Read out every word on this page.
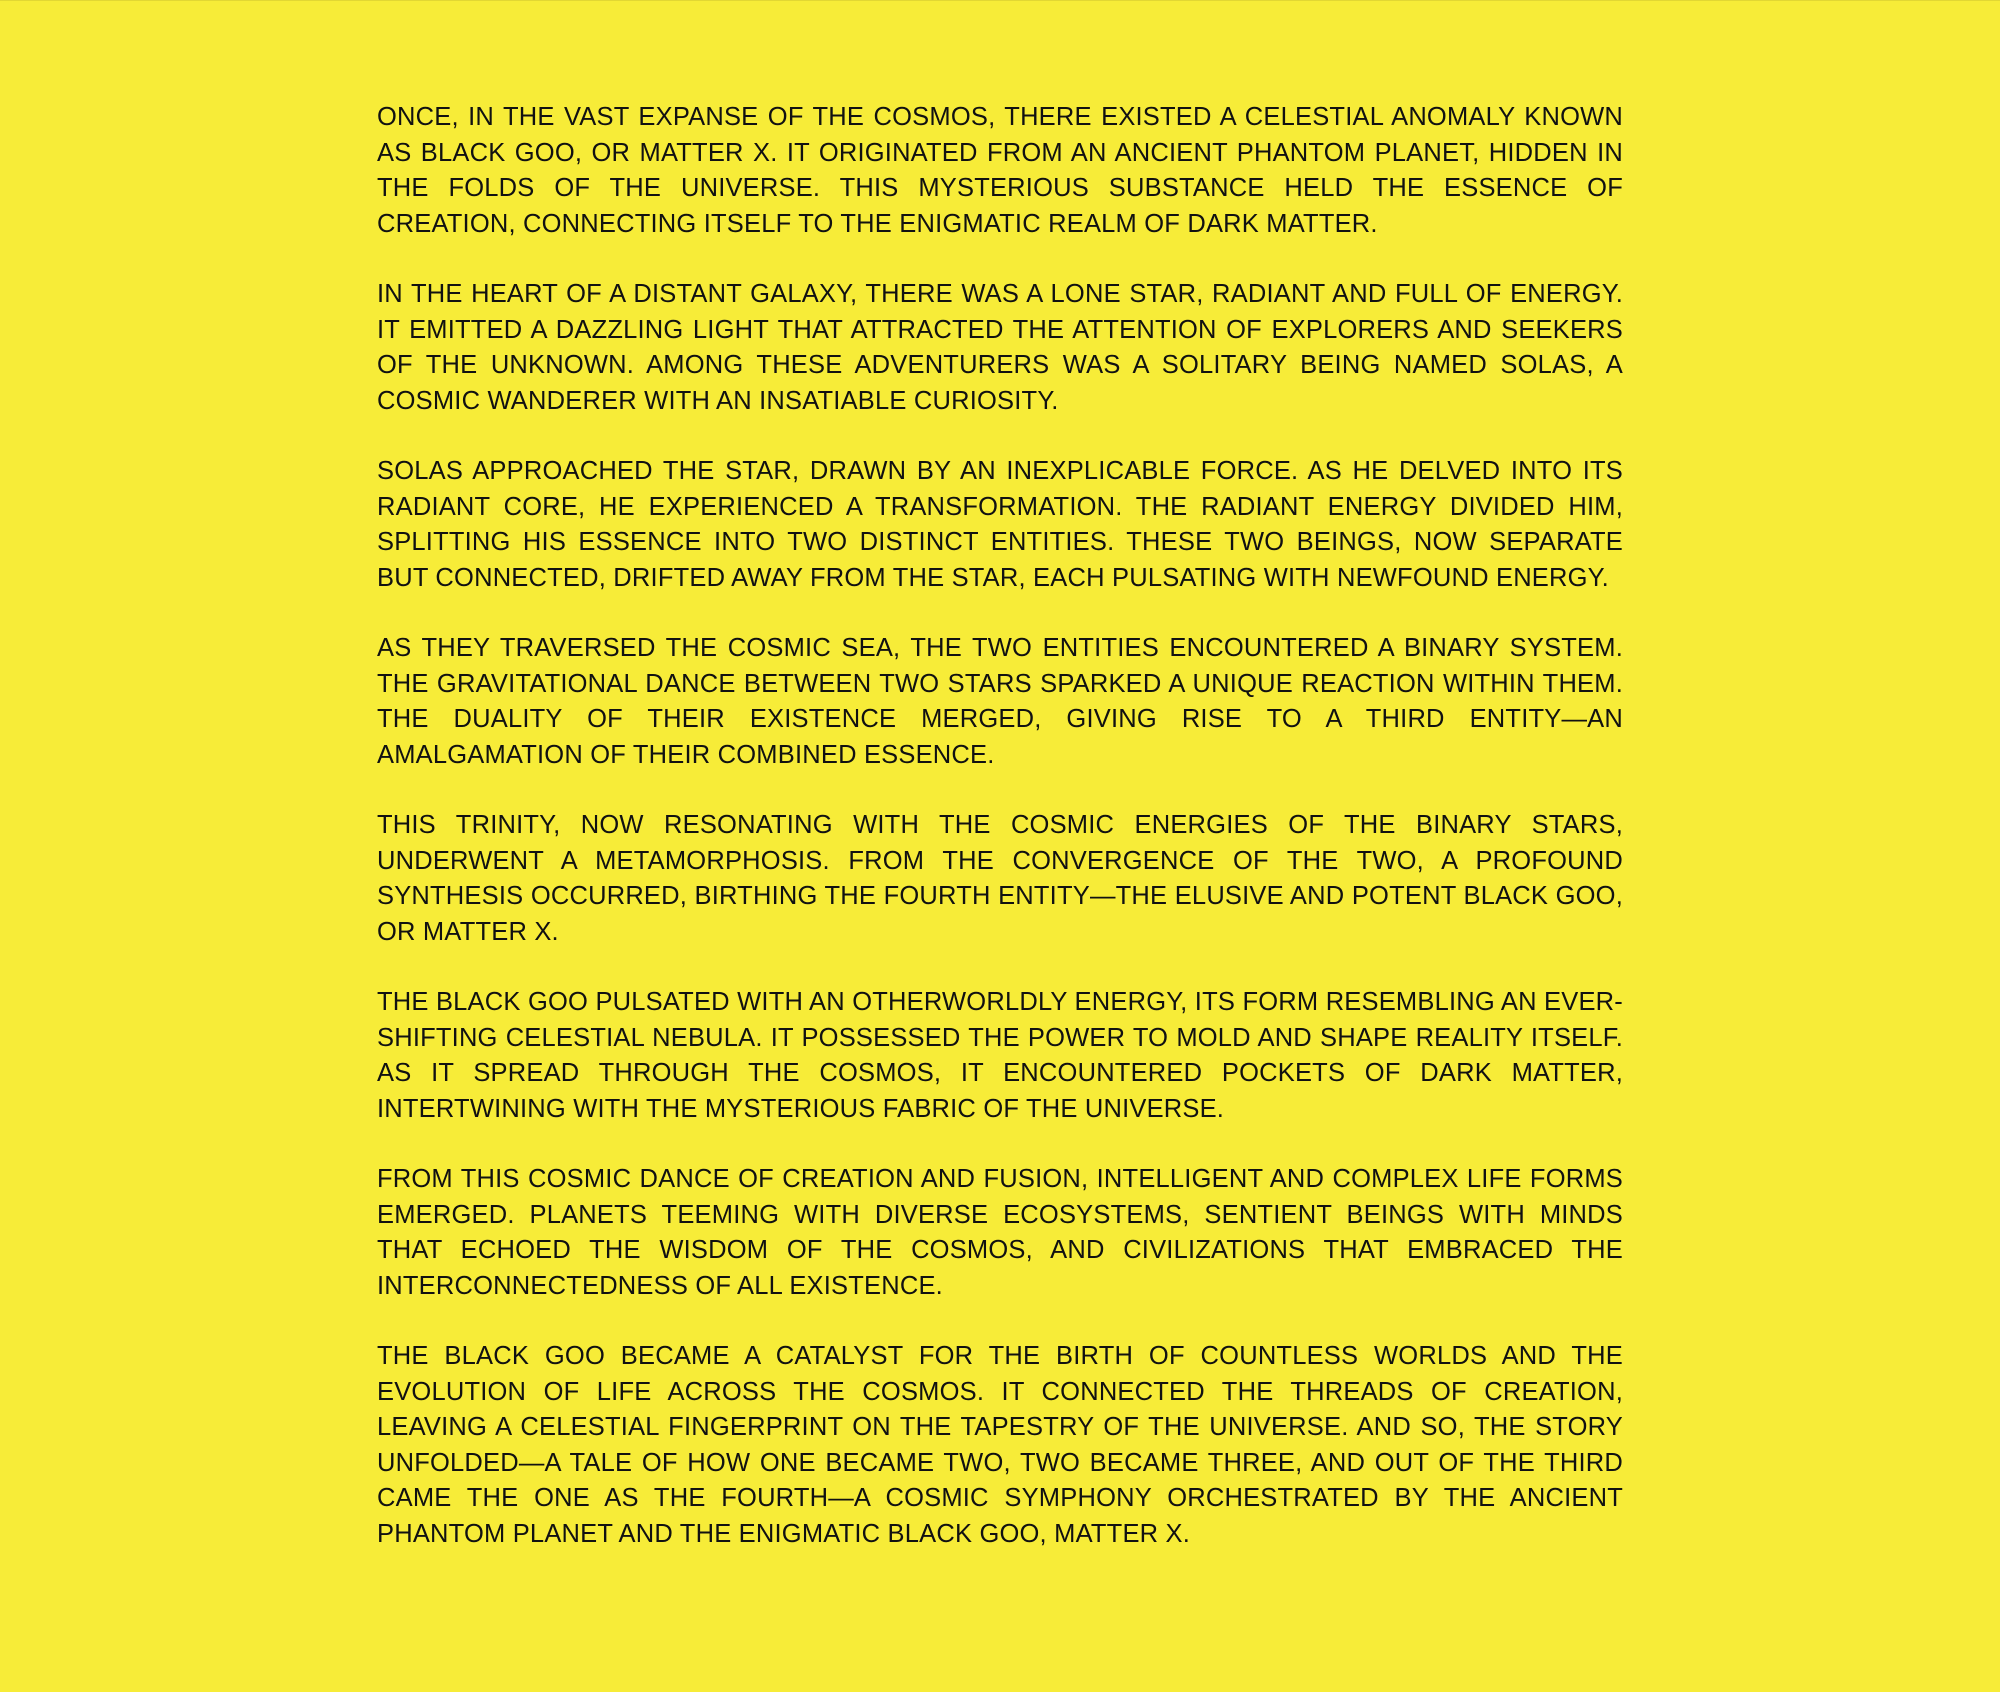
ONCE, IN THE VAST EXPANSE OF THE COSMOS, THERE EXISTED A CELESTIAL ANOMALY KNOWN AS BLACK GOO, OR MATTER X. IT ORIGINATED FROM AN ANCIENT PHANTOM PLANET, HIDDEN IN THE FOLDS OF THE UNIVERSE. THIS MYSTERIOUS SUBSTANCE HELD THE ESSENCE OF CREATION, CONNECTING ITSELF TO THE ENIGMATIC REALM OF DARK MATTER.

IN THE HEART OF A DISTANT GALAXY, THERE WAS A LONE STAR, RADIANT AND FULL OF ENERGY. IT EMITTED A DAZZLING LIGHT THAT ATTRACTED THE ATTENTION OF EXPLORERS AND SEEKERS OF THE UNKNOWN. AMONG THESE ADVENTURERS WAS A SOLITARY BEING NAMED SOLAS, A COSMIC WANDERER WITH AN INSATIABLE CURIOSITY.

SOLAS APPROACHED THE STAR, DRAWN BY AN INEXPLICABLE FORCE. AS HE DELVED INTO ITS RADIANT CORE, HE EXPERIENCED A TRANSFORMATION. THE RADIANT ENERGY DIVIDED HIM, SPLITTING HIS ESSENCE INTO TWO DISTINCT ENTITIES. THESE TWO BEINGS, NOW SEPARATE BUT CONNECTED, DRIFTED AWAY FROM THE STAR, EACH PULSATING WITH NEWFOUND ENERGY.

AS THEY TRAVERSED THE COSMIC SEA, THE TWO ENTITIES ENCOUNTERED A BINARY SYSTEM. THE GRAVITATIONAL DANCE BETWEEN TWO STARS SPARKED A UNIQUE REACTION WITHIN THEM. THE DUALITY OF THEIR EXISTENCE MERGED, GIVING RISE TO A THIRD ENTITY—AN AMALGAMATION OF THEIR COMBINED ESSENCE.

THIS TRINITY, NOW RESONATING WITH THE COSMIC ENERGIES OF THE BINARY STARS, UNDERWENT A METAMORPHOSIS. FROM THE CONVERGENCE OF THE TWO, A PROFOUND SYNTHESIS OCCURRED, BIRTHING THE FOURTH ENTITY—THE ELUSIVE AND POTENT BLACK GOO, OR MATTER X.

THE BLACK GOO PULSATED WITH AN OTHERWORLDLY ENERGY, ITS FORM RESEMBLING AN EVER-SHIFTING CELESTIAL NEBULA. IT POSSESSED THE POWER TO MOLD AND SHAPE REALITY ITSELF. AS IT SPREAD THROUGH THE COSMOS, IT ENCOUNTERED POCKETS OF DARK MATTER, INTERTWINING WITH THE MYSTERIOUS FABRIC OF THE UNIVERSE.

FROM THIS COSMIC DANCE OF CREATION AND FUSION, INTELLIGENT AND COMPLEX LIFE FORMS EMERGED. PLANETS TEEMING WITH DIVERSE ECOSYSTEMS, SENTIENT BEINGS WITH MINDS THAT ECHOED THE WISDOM OF THE COSMOS, AND CIVILIZATIONS THAT EMBRACED THE INTERCONNECTEDNESS OF ALL EXISTENCE.

THE BLACK GOO BECAME A CATALYST FOR THE BIRTH OF COUNTLESS WORLDS AND THE EVOLUTION OF LIFE ACROSS THE COSMOS. IT CONNECTED THE THREADS OF CREATION, LEAVING A CELESTIAL FINGERPRINT ON THE TAPESTRY OF THE UNIVERSE. AND SO, THE STORY UNFOLDED—A TALE OF HOW ONE BECAME TWO, TWO BECAME THREE, AND OUT OF THE THIRD CAME THE ONE AS THE FOURTH—A COSMIC SYMPHONY ORCHESTRATED BY THE ANCIENT PHANTOM PLANET AND THE ENIGMATIC BLACK GOO, MATTER X.
